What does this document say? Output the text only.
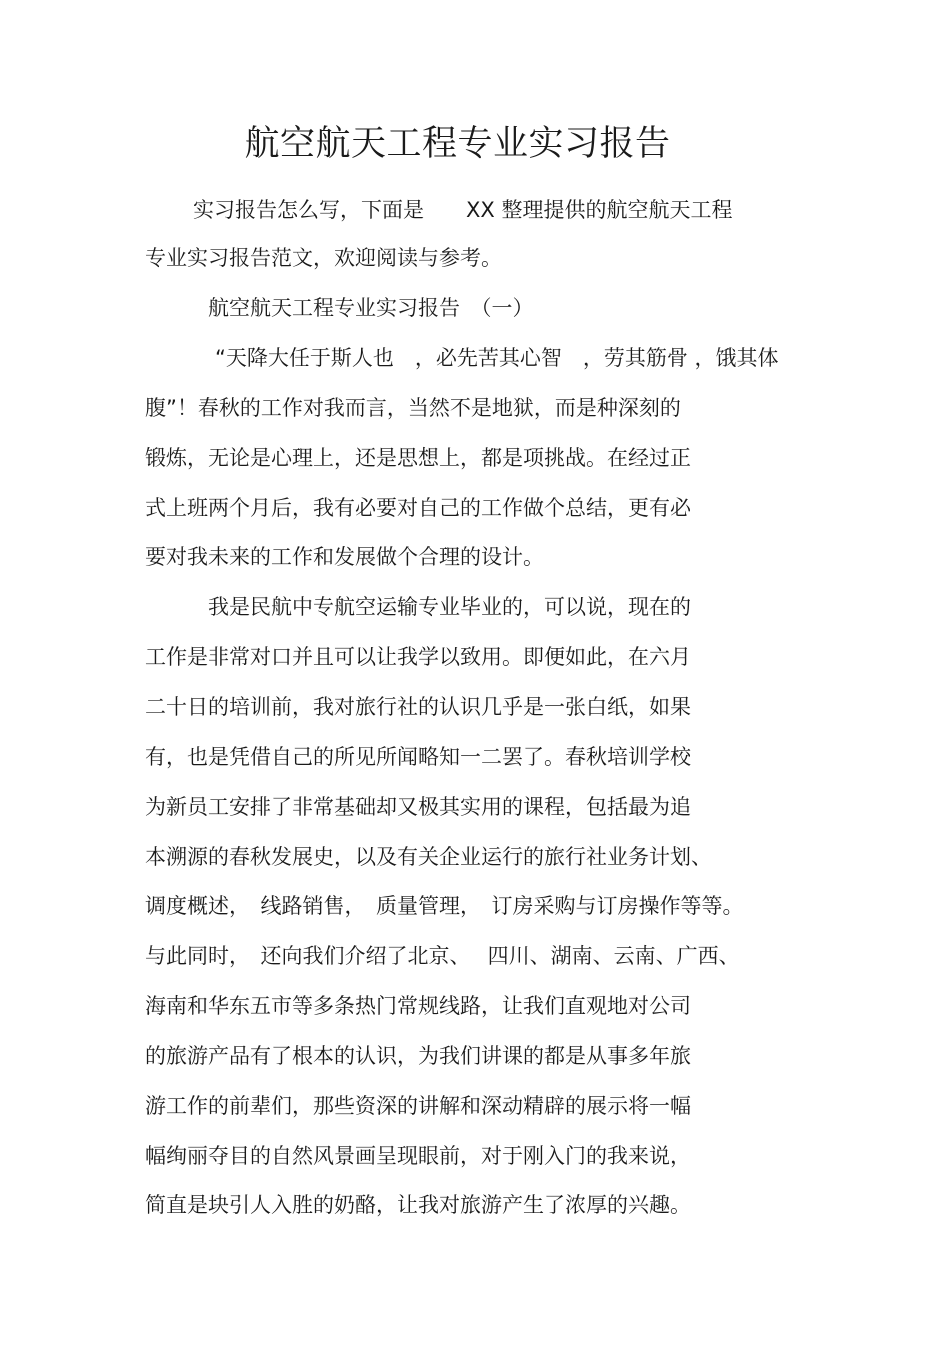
航空航天工程专业实习报告
实习报告怎么写，下面是　　XX 整理提供的航空航天工程
专业实习报告范文，欢迎阅读与参考。
航空航天工程专业实习报告　（一）
“天降大任于斯人也　，必先苦其心智　，劳其筋骨 ，饿其体
腹”！春秋的工作对我而言，当然不是地狱，而是种深刻的
锻炼，无论是心理上，还是思想上，都是项挑战。在经过正
式上班两个月后，我有必要对自己的工作做个总结，更有必
要对我未来的工作和发展做个合理的设计。
我是民航中专航空运输专业毕业的，可以说，现在的
工作是非常对口并且可以让我学以致用。即便如此，在六月
二十日的培训前，我对旅行社的认识几乎是一张白纸，如果
有，也是凭借自己的所见所闻略知一二罢了。春秋培训学校
为新员工安排了非常基础却又极其实用的课程，包括最为追
本溯源的春秋发展史，以及有关企业运行的旅行社业务计划、
调度概述，　线路销售，　质量管理，　订房采购与订房操作等等。
与此同时，　还向我们介绍了北京、　 四川、湖南、云南、广西、
海南和华东五市等多条热门常规线路，让我们直观地对公司
的旅游产品有了根本的认识，为我们讲课的都是从事多年旅
游工作的前辈们，那些资深的讲解和深动精辟的展示将一幅
幅绚丽夺目的自然风景画呈现眼前，对于刚入门的我来说，
简直是块引人入胜的奶酪，让我对旅游产生了浓厚的兴趣。
